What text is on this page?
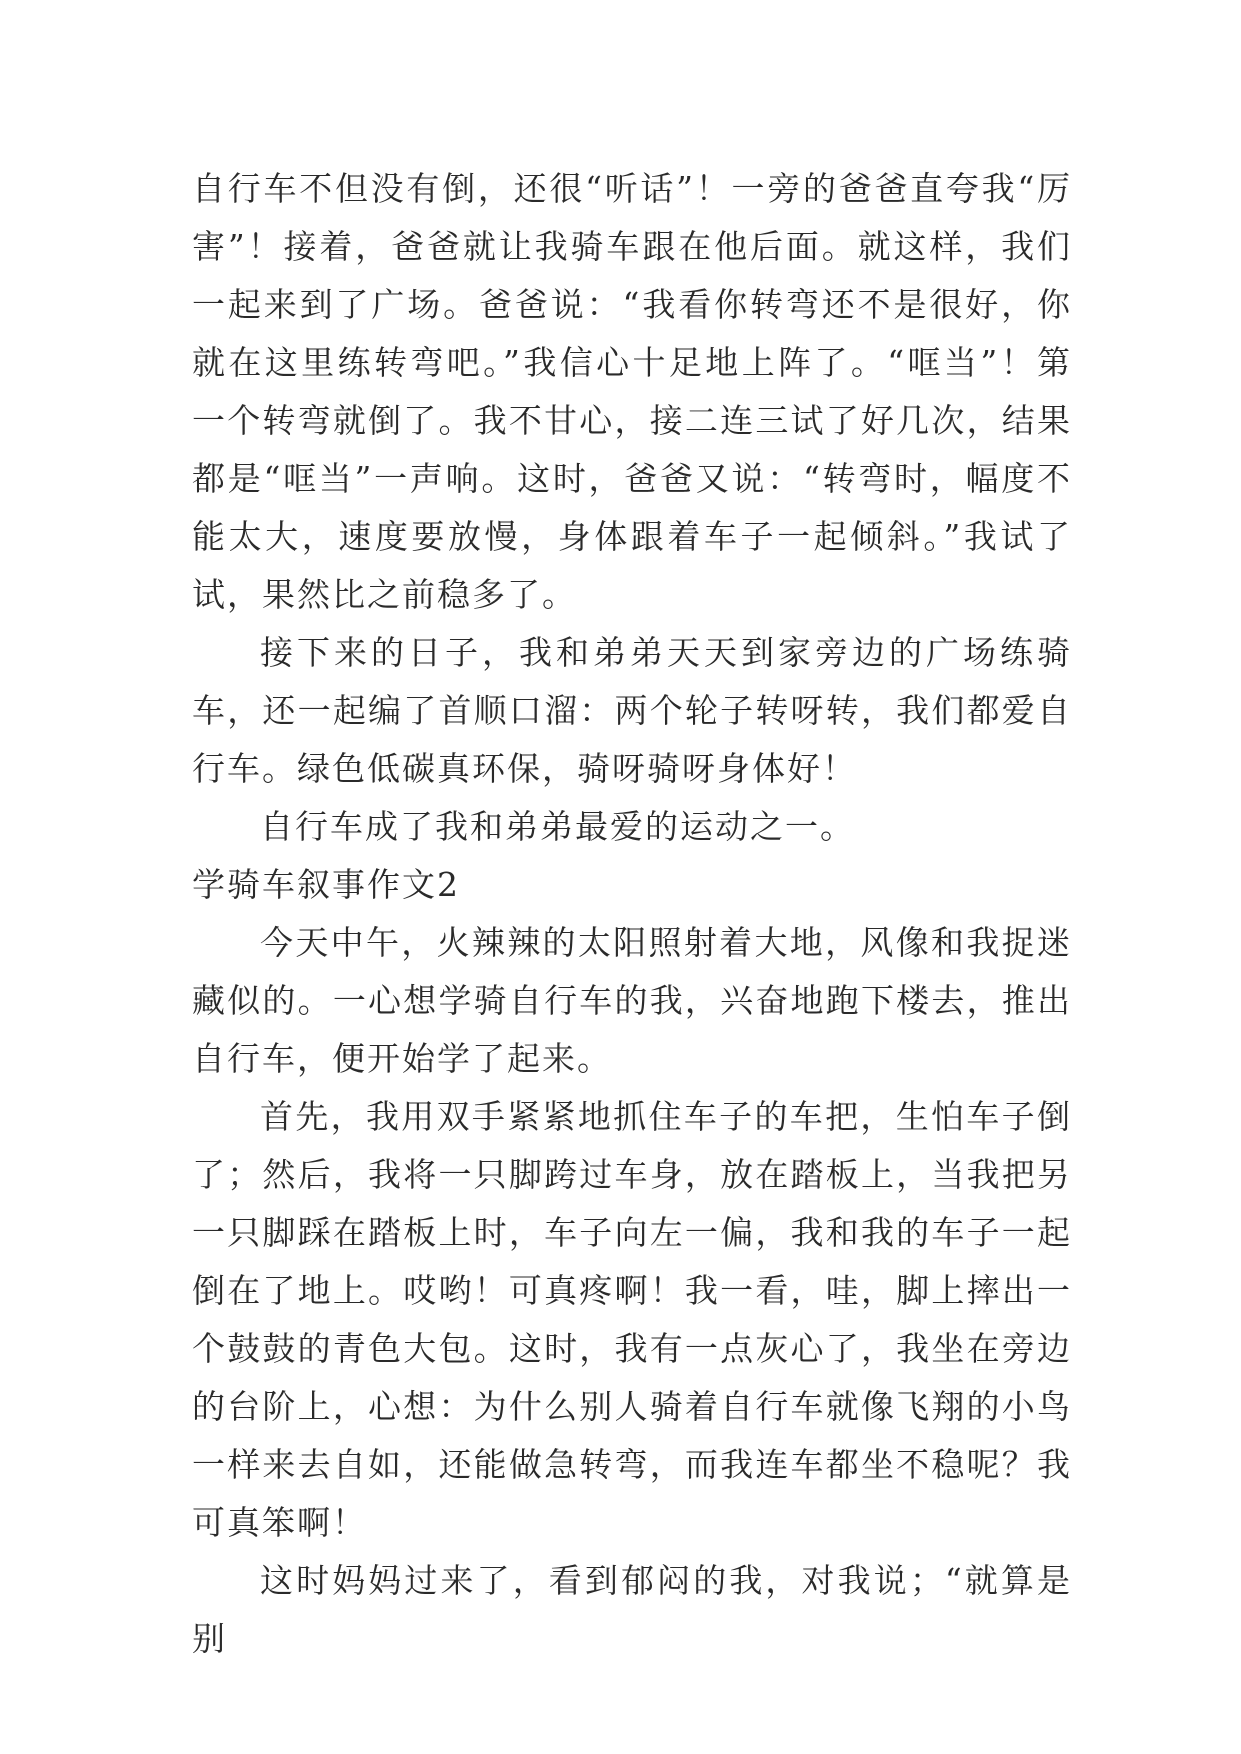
自行车不但没有倒，还很“听话”！一旁的爸爸直夸我“厉害”！接着，爸爸就让我骑车跟在他后面。就这样，我们一起来到了广场。爸爸说：“我看你转弯还不是很好，你就在这里练转弯吧。”我信心十足地上阵了。“哐当”！第一个转弯就倒了。我不甘心，接二连三试了好几次，结果都是“哐当”一声响。这时，爸爸又说：“转弯时，幅度不能太大，速度要放慢，身体跟着车子一起倾斜。”我试了试，果然比之前稳多了。

接下来的日子，我和弟弟天天到家旁边的广场练骑车，还一起编了首顺口溜：两个轮子转呀转，我们都爱自行车。绿色低碳真环保，骑呀骑呀身体好！

自行车成了我和弟弟最爱的运动之一。

学骑车叙事作文2

今天中午，火辣辣的太阳照射着大地，风像和我捉迷藏似的。一心想学骑自行车的我，兴奋地跑下楼去，推出自行车，便开始学了起来。

首先，我用双手紧紧地抓住车子的车把，生怕车子倒了；然后，我将一只脚跨过车身，放在踏板上，当我把另一只脚踩在踏板上时，车子向左一偏，我和我的车子一起倒在了地上。哎哟！可真疼啊！我一看，哇，脚上摔出一个鼓鼓的青色大包。这时，我有一点灰心了，我坐在旁边的台阶上，心想：为什么别人骑着自行车就像飞翔的小鸟一样来去自如，还能做急转弯，而我连车都坐不稳呢？我可真笨啊！

这时妈妈过来了，看到郁闷的我，对我说；“就算是别
